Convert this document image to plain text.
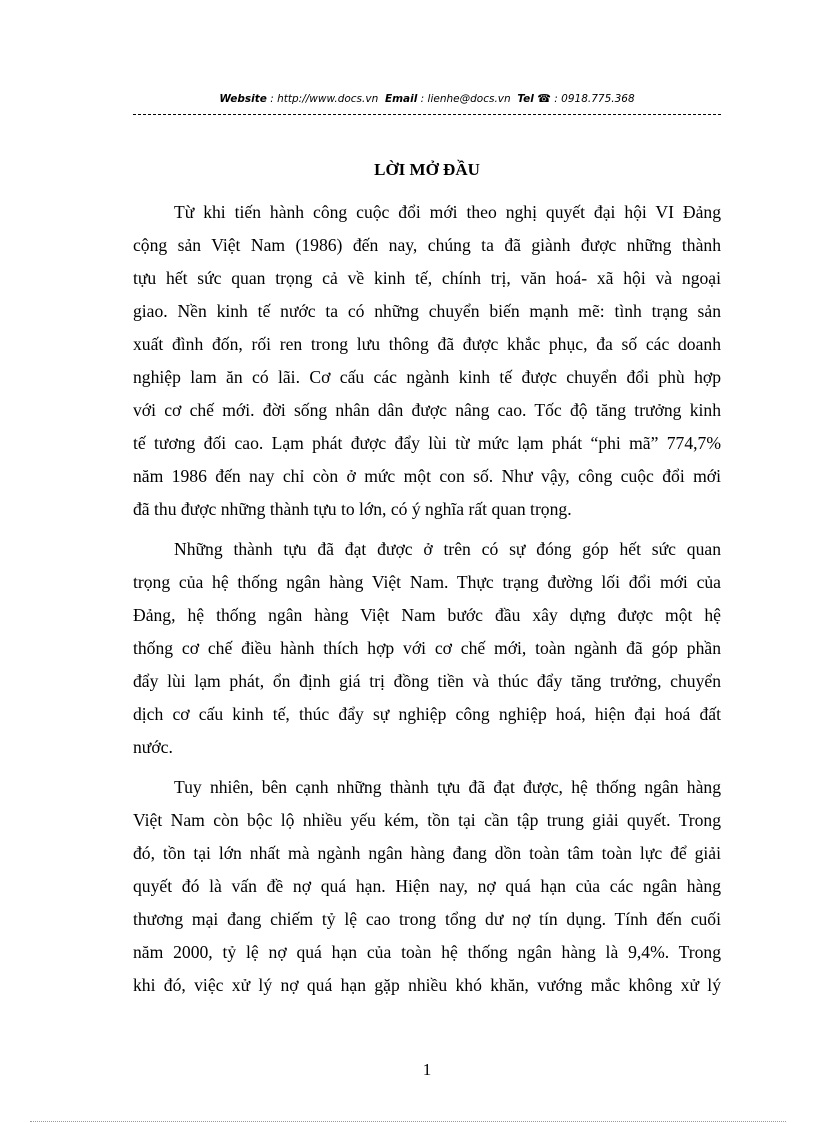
Website : http://www.docs.vn Email : lienhe@docs.vn Tel ☎ : 0918.775.368
LỜI MỞ ĐẦU
Từ khi tiến hành công cuộc đổi mới theo nghị quyết đại hội VI Đảng
cộng sản Việt Nam (1986) đến nay, chúng ta đã giành được những thành
tựu hết sức quan trọng cả về kinh tế, chính trị, văn hoá- xã hội và ngoại
giao. Nền kinh tế nước ta có những chuyển biến mạnh mẽ: tình trạng sản
xuất đình đốn, rối ren trong lưu thông đã được khắc phục, đa số các doanh
nghiệp lam ăn có lãi. Cơ cấu các ngành kinh tế được chuyển đổi phù hợp
với cơ chế mới. đời sống nhân dân được nâng cao. Tốc độ tăng trưởng kinh
tế tương đối cao. Lạm phát được đẩy lùi từ mức lạm phát “phi mã” 774,7%
năm 1986 đến nay chỉ còn ở mức một con số. Như vậy, công cuộc đổi mới
đã thu được những thành tựu to lớn, có ý nghĩa rất quan trọng.
Những thành tựu đã đạt được ở trên có sự đóng góp hết sức quan
trọng của hệ thống ngân hàng Việt Nam. Thực trạng đường lối đổi mới của
Đảng, hệ thống ngân hàng Việt Nam bước đầu xây dựng được một hệ
thống cơ chế điều hành thích hợp với cơ chế mới, toàn ngành đã góp phần
đẩy lùi lạm phát, ổn định giá trị đồng tiền và thúc đẩy tăng trưởng, chuyển
dịch cơ cấu kinh tế, thúc đẩy sự nghiệp công nghiệp hoá, hiện đại hoá đất
nước.
Tuy nhiên, bên cạnh những thành tựu đã đạt được, hệ thống ngân hàng
Việt Nam còn bộc lộ nhiều yếu kém, tồn tại cần tập trung giải quyết. Trong
đó, tồn tại lớn nhất mà ngành ngân hàng đang dồn toàn tâm toàn lực để giải
quyết đó là vấn đề nợ quá hạn. Hiện nay, nợ quá hạn của các ngân hàng
thương mại đang chiếm tỷ lệ cao trong tổng dư nợ tín dụng. Tính đến cuối
năm 2000, tỷ lệ nợ quá hạn của toàn hệ thống ngân hàng là 9,4%. Trong
khi đó, việc xử lý nợ quá hạn gặp nhiều khó khăn, vướng mắc không xử lý
1
